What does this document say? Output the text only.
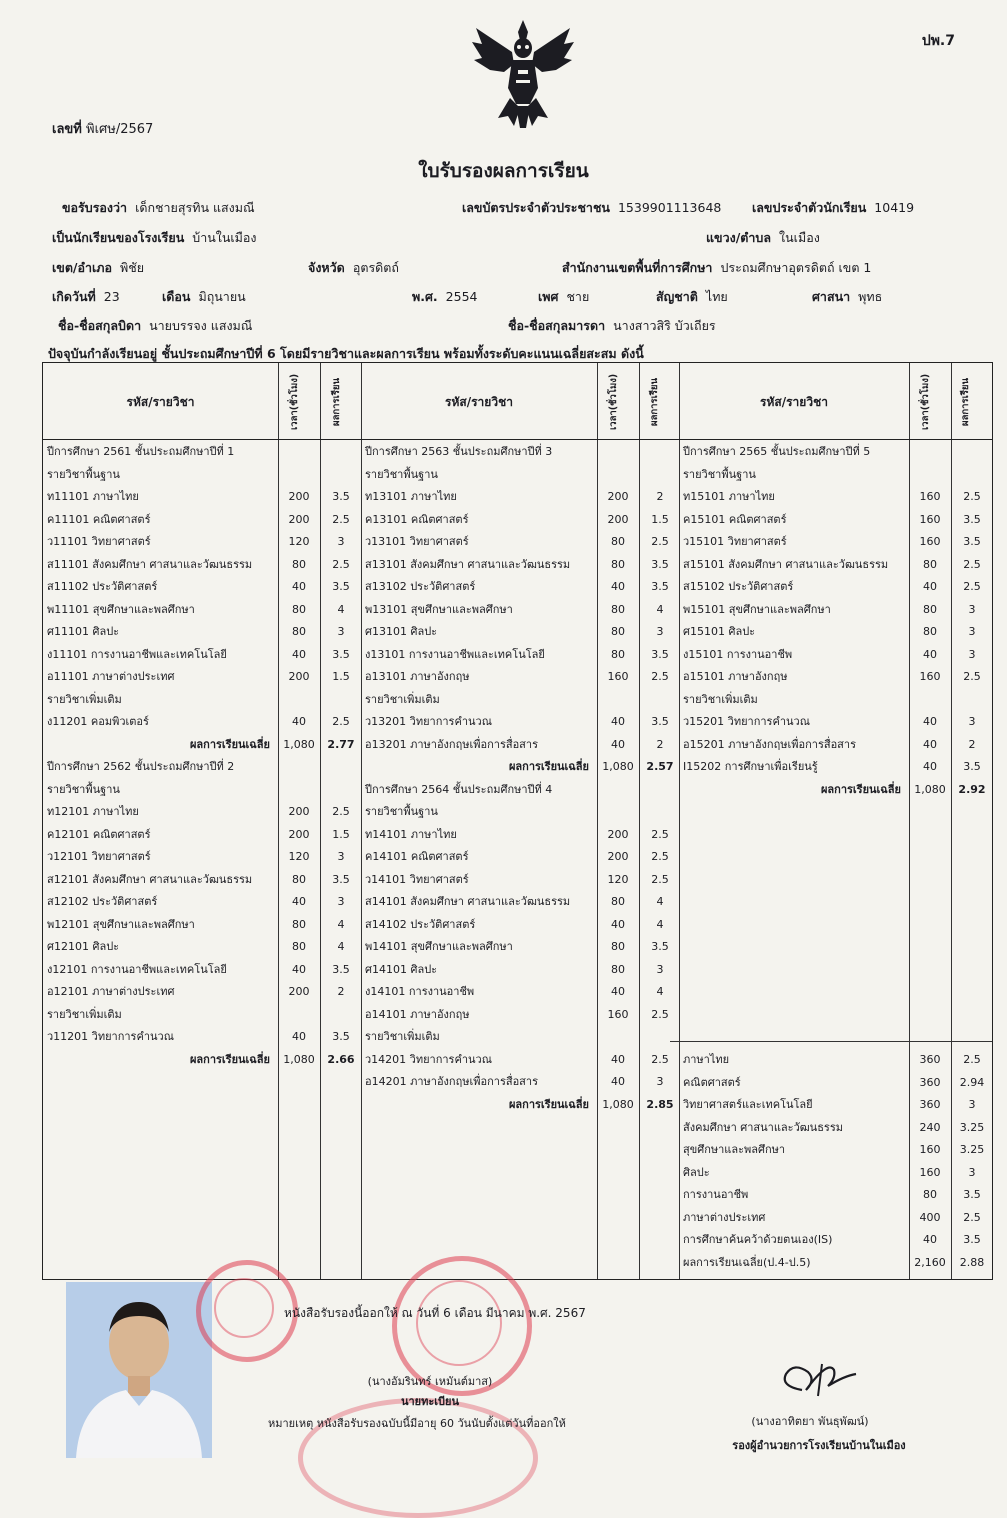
ปพ.7
เลขที่ พิเศษ/2567
ใบรับรองผลการเรียน
ขอรับรองว่า เด็กชายสุรทิน แสงมณี	เลขบัตรประจำตัวประชาชน 1539901113648 เลขประจำตัวนักเรียน 10419
เป็นนักเรียนของโรงเรียน บ้านในเมือง	แขวง/ตำบล ในเมือง
เขต/อำเภอ พิชัย	จังหวัด อุตรดิตถ์	สำนักงานเขตพื้นที่การศึกษา ประถมศึกษาอุตรดิตถ์ เขต 1
เกิดวันที่ 23	เดือน มิถุนายน	พ.ศ. 2554	เพศ ชาย	สัญชาติ ไทย	ศาสนา พุทธ
ชื่อ-ชื่อสกุลบิดา นายบรรจง แสงมณี	ชื่อ-ชื่อสกุลมารดา นางสาวสิริ บัวเถียร
ปัจจุบันกำลังเรียนอยู่ ชั้นประถมศึกษาปีที่ 6 โดยมีรายวิชาและผลการเรียน พร้อมทั้งระดับคะแนนเฉลี่ยสะสม ดังนี้
รหัส/รายวิชา	เวลา(ชั่วโมง)	ผลการเรียน	รหัส/รายวิชา	เวลา(ชั่วโมง)	ผลการเรียน	รหัส/รายวิชา	เวลา(ชั่วโมง)	ผลการเรียน
ปีการศึกษา 2561 ชั้นประถมศึกษาปีที่ 1
รายวิชาพื้นฐาน
ท11101 ภาษาไทย	200	3.5
ค11101 คณิตศาสตร์	200	2.5
ว11101 วิทยาศาสตร์	120	3
ส11101 สังคมศึกษา ศาสนาและวัฒนธรรม	80	2.5
ส11102 ประวัติศาสตร์	40	3.5
พ11101 สุขศึกษาและพลศึกษา	80	4
ศ11101 ศิลปะ	80	3
ง11101 การงานอาชีพและเทคโนโลยี	40	3.5
อ11101 ภาษาต่างประเทศ	200	1.5
รายวิชาเพิ่มเติม
ง11201 คอมพิวเตอร์	40	2.5
ผลการเรียนเฉลี่ย	1,080	2.77
ปีการศึกษา 2562 ชั้นประถมศึกษาปีที่ 2
รายวิชาพื้นฐาน
ท12101 ภาษาไทย	200	2.5
ค12101 คณิตศาสตร์	200	1.5
ว12101 วิทยาศาสตร์	120	3
ส12101 สังคมศึกษา ศาสนาและวัฒนธรรม	80	3.5
ส12102 ประวัติศาสตร์	40	3
พ12101 สุขศึกษาและพลศึกษา	80	4
ศ12101 ศิลปะ	80	4
ง12101 การงานอาชีพและเทคโนโลยี	40	3.5
อ12101 ภาษาต่างประเทศ	200	2
รายวิชาเพิ่มเติม
ว11201 วิทยาการคำนวณ	40	3.5
ผลการเรียนเฉลี่ย	1,080	2.66
ปีการศึกษา 2563 ชั้นประถมศึกษาปีที่ 3
รายวิชาพื้นฐาน
ท13101 ภาษาไทย	200	2
ค13101 คณิตศาสตร์	200	1.5
ว13101 วิทยาศาสตร์	80	2.5
ส13101 สังคมศึกษา ศาสนาและวัฒนธรรม	80	3.5
ส13102 ประวัติศาสตร์	40	3.5
พ13101 สุขศึกษาและพลศึกษา	80	4
ศ13101 ศิลปะ	80	3
ง13101 การงานอาชีพและเทคโนโลยี	80	3.5
อ13101 ภาษาอังกฤษ	160	2.5
รายวิชาเพิ่มเติม
ว13201 วิทยาการคำนวณ	40	3.5
อ13201 ภาษาอังกฤษเพื่อการสื่อสาร	40	2
ผลการเรียนเฉลี่ย	1,080	2.57
ปีการศึกษา 2564 ชั้นประถมศึกษาปีที่ 4
รายวิชาพื้นฐาน
ท14101 ภาษาไทย	200	2.5
ค14101 คณิตศาสตร์	200	2.5
ว14101 วิทยาศาสตร์	120	2.5
ส14101 สังคมศึกษา ศาสนาและวัฒนธรรม	80	4
ส14102 ประวัติศาสตร์	40	4
พ14101 สุขศึกษาและพลศึกษา	80	3.5
ศ14101 ศิลปะ	80	3
ง14101 การงานอาชีพ	40	4
อ14101 ภาษาอังกฤษ	160	2.5
รายวิชาเพิ่มเติม
ว14201 วิทยาการคำนวณ	40	2.5
อ14201 ภาษาอังกฤษเพื่อการสื่อสาร	40	3
ผลการเรียนเฉลี่ย	1,080	2.85
ปีการศึกษา 2565 ชั้นประถมศึกษาปีที่ 5
รายวิชาพื้นฐาน
ท15101 ภาษาไทย	160	2.5
ค15101 คณิตศาสตร์	160	3.5
ว15101 วิทยาศาสตร์	160	3.5
ส15101 สังคมศึกษา ศาสนาและวัฒนธรรม	80	2.5
ส15102 ประวัติศาสตร์	40	2.5
พ15101 สุขศึกษาและพลศึกษา	80	3
ศ15101 ศิลปะ	80	3
ง15101 การงานอาชีพ	40	3
อ15101 ภาษาอังกฤษ	160	2.5
รายวิชาเพิ่มเติม
ว15201 วิทยาการคำนวณ	40	3
อ15201 ภาษาอังกฤษเพื่อการสื่อสาร	40	2
I15202 การศึกษาเพื่อเรียนรู้	40	3.5
ผลการเรียนเฉลี่ย	1,080	2.92
ภาษาไทย	360	2.5
คณิตศาสตร์	360	2.94
วิทยาศาสตร์และเทคโนโลยี	360	3
สังคมศึกษา ศาสนาและวัฒนธรรม	240	3.25
สุขศึกษาและพลศึกษา	160	3.25
ศิลปะ	160	3
การงานอาชีพ	80	3.5
ภาษาต่างประเทศ	400	2.5
การศึกษาค้นคว้าด้วยตนเอง(IS)	40	3.5
ผลการเรียนเฉลี่ย(ป.4-ป.5)	2,160	2.88
หนังสือรับรองนี้ออกให้ ณ วันที่ 6 เดือน มีนาคม พ.ศ. 2567
(นางอัมรินทร์ เหมันต์มาส)
นายทะเบียน
หมายเหตุ หนังสือรับรองฉบับนี้มีอายุ 60 วันนับตั้งแต่วันที่ออกให้	(นางอาทิตยา พันธุพัฒน์)
รองผู้อำนวยการโรงเรียนบ้านในเมือง
